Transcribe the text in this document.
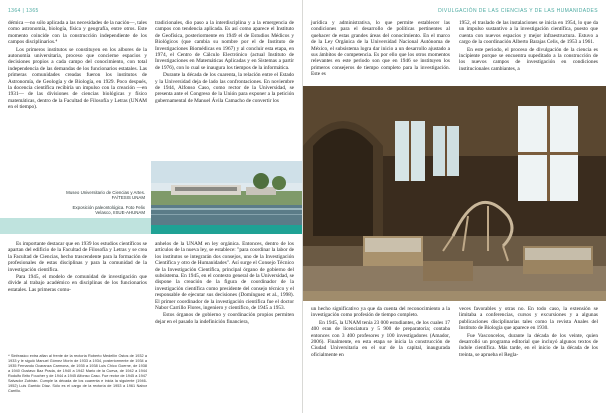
1364 | 1365

démica —no sólo aplicada a las necesidades de la nación—, tales como astronomía, biología, física y geografía, entre otros. Este momento coincide con la construcción independiente de los campos disciplinarios.⁴

Los primeros institutos se constituyen en los albores de la autonomía universitaria, proceso que concierne espacios y decisiones propios a cada campo del conocimiento, con total independencia de las demandas de los funcionarios estatales. Las primeras comunidades creadas fueron los institutos de Astronomía, de Geología y de Biología, en 1929. Poco después, la docencia científica recibiría un impulso con la creación —en 1931— de las divisiones de ciencias biológicas y físico matemáticas, dentro de la Facultad de Filosofía y Letras (UNAM en el tiempo).

tradicionales, dio paso a la interdisciplina y a la emergencia de campos con tendencia aplicada. Es así como aparece el Instituto de Geofísica, posteriormente en 1949 el de Estudios Médicos y Biológicos (que cambia su nombre por el de Instituto de Investigaciones Biomédicas en 1967) y al concluir esta etapa, en 1974, el Centro de Cálculo Electrónico (actual Instituto de Investigaciones en Matemáticas Aplicadas y en Sistemas a partir de 1976), con lo cual se inaugura los tiempos de la informática.

Durante la década de los cuarenta, la relación entre el Estado y la Universidad deja de lado las confrontaciones. En noviembre de 1944, Alfonso Caso, como rector de la Universidad, se presenta ante el Congreso de la Unión para exponer a la petición gubernamental de Manuel Ávila Camacho de convertir los

Museo Universitario de Ciencias y Artes. FA/TESIS UNAM

Exposición paleontológica. Foto Felix Velasco, IISUE-AHUNAM

Es importante destacar que en 1939 los estudios científicos se apartan del edificio de la Facultad de Filosofía y Letras y se crea la Facultad de Ciencias, hecho trascendente para la formación de profesionales de estas disciplinas y para la comunidad de la investigación científica.

Para 1945, el modelo de comunidad de investigación que divide al trabajo académico en disciplinas de los funcionarios estatales. Las primeras comu-

⁴ Sinfeasico extra afian al frente de la rectoría Roberto Medellín Ostos de 1932 a 1933 y le siguió Manuel Gómez Morín de 1933 a 1934, posteriormente de 1934 a 1935 Fernando Ocaranza Carmona, de 1935 a 1938 Luis Chico Goerne, de 1938 a 1940 Gustavo Baz Prada, de 1940 a 1942 Mario de la Cueva, de 1942 a 1944 Rodulfo Brito Foucher y de 1944 a 1945 Alfonso Caso. Fue rector de 1945 a 1947 Salvador Zubirán. Cumple la década de los cuarenta e inicia la siguiente (1946-1952) Luis Garrido Díaz. Sólo es el cargo de la rectoría de 1953 a 1961 Nabor Carrillo.

anhelos de la UNAM en ley orgánica. Entonces, dentro de los artículos de la nueva ley, se establece: "para coordinar la labor de los institutos se integrarán dos consejos, uno de la Investigación Científica y otro de Humanidades". Así surge el Consejo Técnico de la Investigación Científica, principal órgano de gobierno del subsistema. En 1945, en el contexto general de la Universidad, se dispone la creación de la figura de coordinador de la investigación científica como presidente del consejo técnico y el responsable de ejecutar sus decisiones (Domínguez et al., 1998). El primer coordinador de la investigación científica fue el doctor Nabor Carrillo Flores, ingeniero y científico, de 1945 a 1953.

Estos órganos de gobierno y coordinación propios permiten dejar en el pasado la indefinición financiera,

DIVULGACIÓN DE LAS CIENCIAS Y DE LAS HUMANIDADES

jurídica y administrativa, lo que permite establecer las condiciones para el desarrollo de políticas pertinentes al quehacer de estas grandes áreas del conocimiento. En el marco de la Ley Orgánica de la Universidad Nacional Autónoma de México, el subsistema logra dar inicio a un desarrollo ajustado a sus ámbitos de competencia. Es por ello que los otros momentos relevantes en este periodo son que en 1946 se instituyen los primeros consejeros de tiempo completo para la investigación. Este es

1952, el traslado de las instalaciones se inicia en 1954, lo que da un impulso sustantivo a la investigación científica, puesto que cuenta con nuevos espacios y mejor infraestructura. Estuvo a cargo de la coordinación Alberto Barajas Celis, de 1953 a 1961.

En este periodo, el proceso de divulgación de la ciencia es incipiente porque se encuentra supeditado a la construcción de los nuevos campos de investigación en condiciones institucionales cambiantes, a

un hecho significativo ya que da cuenta del reconocimiento a la investigación como profesión de tiempo completo.

En 1945, la UNAM tenía 23 000 estudiantes, de los cuales 17 400 eran de licenciatura y 5 900 de preparatoria; contaba entonces con 3 400 profesores y 100 investigadores (Amador, 2006). Finalmente, en esta etapa se inicia la construcción de Ciudad Universitaria en el sur de la capital, inaugurada oficialmente en

veces favorables y otras no. En todo caso, la extensión se limitaba a conferencias, cursos y excursiones y a algunas publicaciones disciplinarias tales como la revista Anales del Instituto de Biología que aparece en 1930.

Fue Vasconcelos, durante la década de los veinte, quien desarrolló un programa editorial que incluyó algunos textos de índole científica. Más tarde, en el inicio de la década de los treinta, se aprueba el Regla-
